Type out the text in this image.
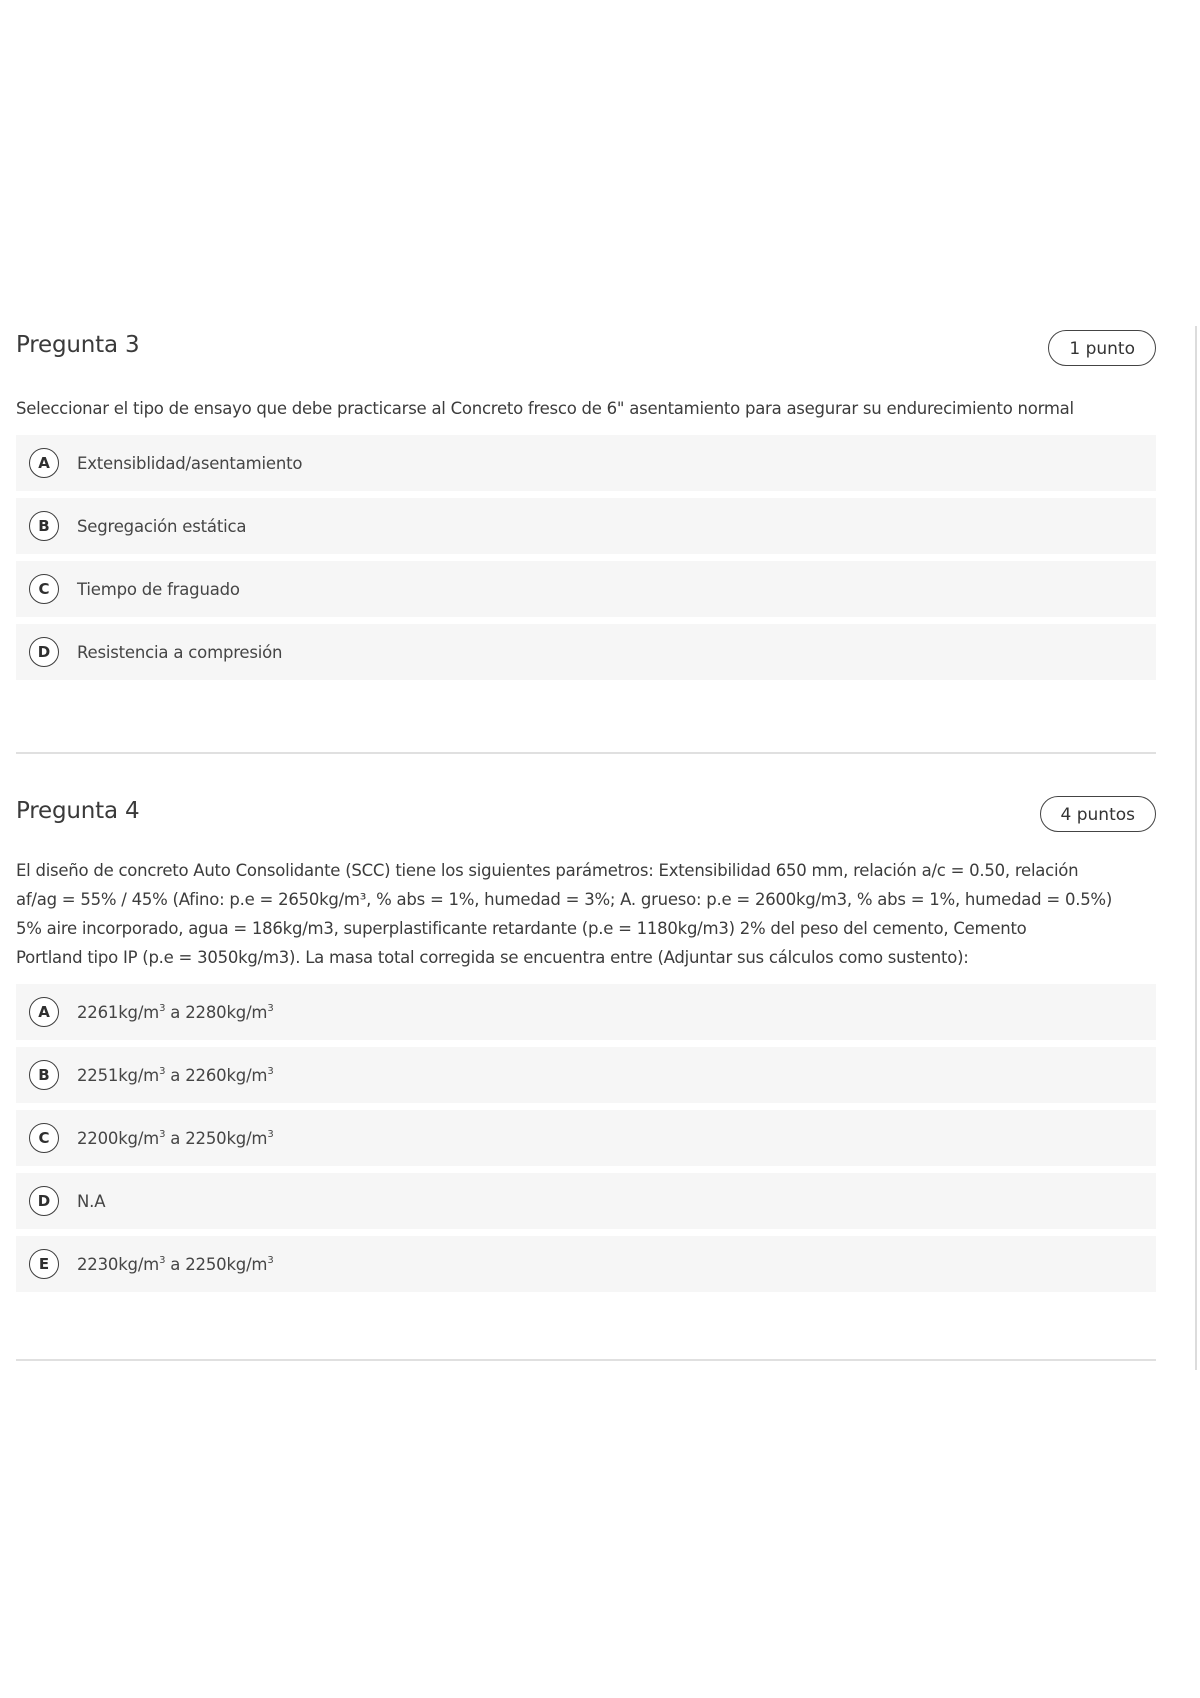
Pregunta 3	1 punto

Seleccionar el tipo de ensayo que debe practicarse al Concreto fresco de 6" asentamiento para asegurar su endurecimiento normal

A	Extensiblidad/asentamiento
B	Segregación estática
C	Tiempo de fraguado
D	Resistencia a compresión
Pregunta 4	4 puntos
El diseño de concreto Auto Consolidante (SCC) tiene los siguientes parámetros: Extensibilidad 650 mm, relación a/c = 0.50, relación
af/ag = 55% / 45% (Afino: p.e = 2650kg/m³, % abs = 1%, humedad = 3%; A. grueso: p.e = 2600kg/m3, % abs = 1%, humedad = 0.5%)
5% aire incorporado, agua = 186kg/m3, superplastificante retardante (p.e = 1180kg/m3) 2% del peso del cemento, Cemento
Portland tipo IP (p.e = 3050kg/m3). La masa total corregida se encuentra entre (Adjuntar sus cálculos como sustento):
A	$2261kg/m^3$ a $2280kg/m^3$
B	$2251kg/m^3$ a $2260kg/m^3$
C	$2200kg/m^3$ a $2250kg/m^3$
D	N.A
E	$2230kg/m^3$ a $2250kg/m^3$
